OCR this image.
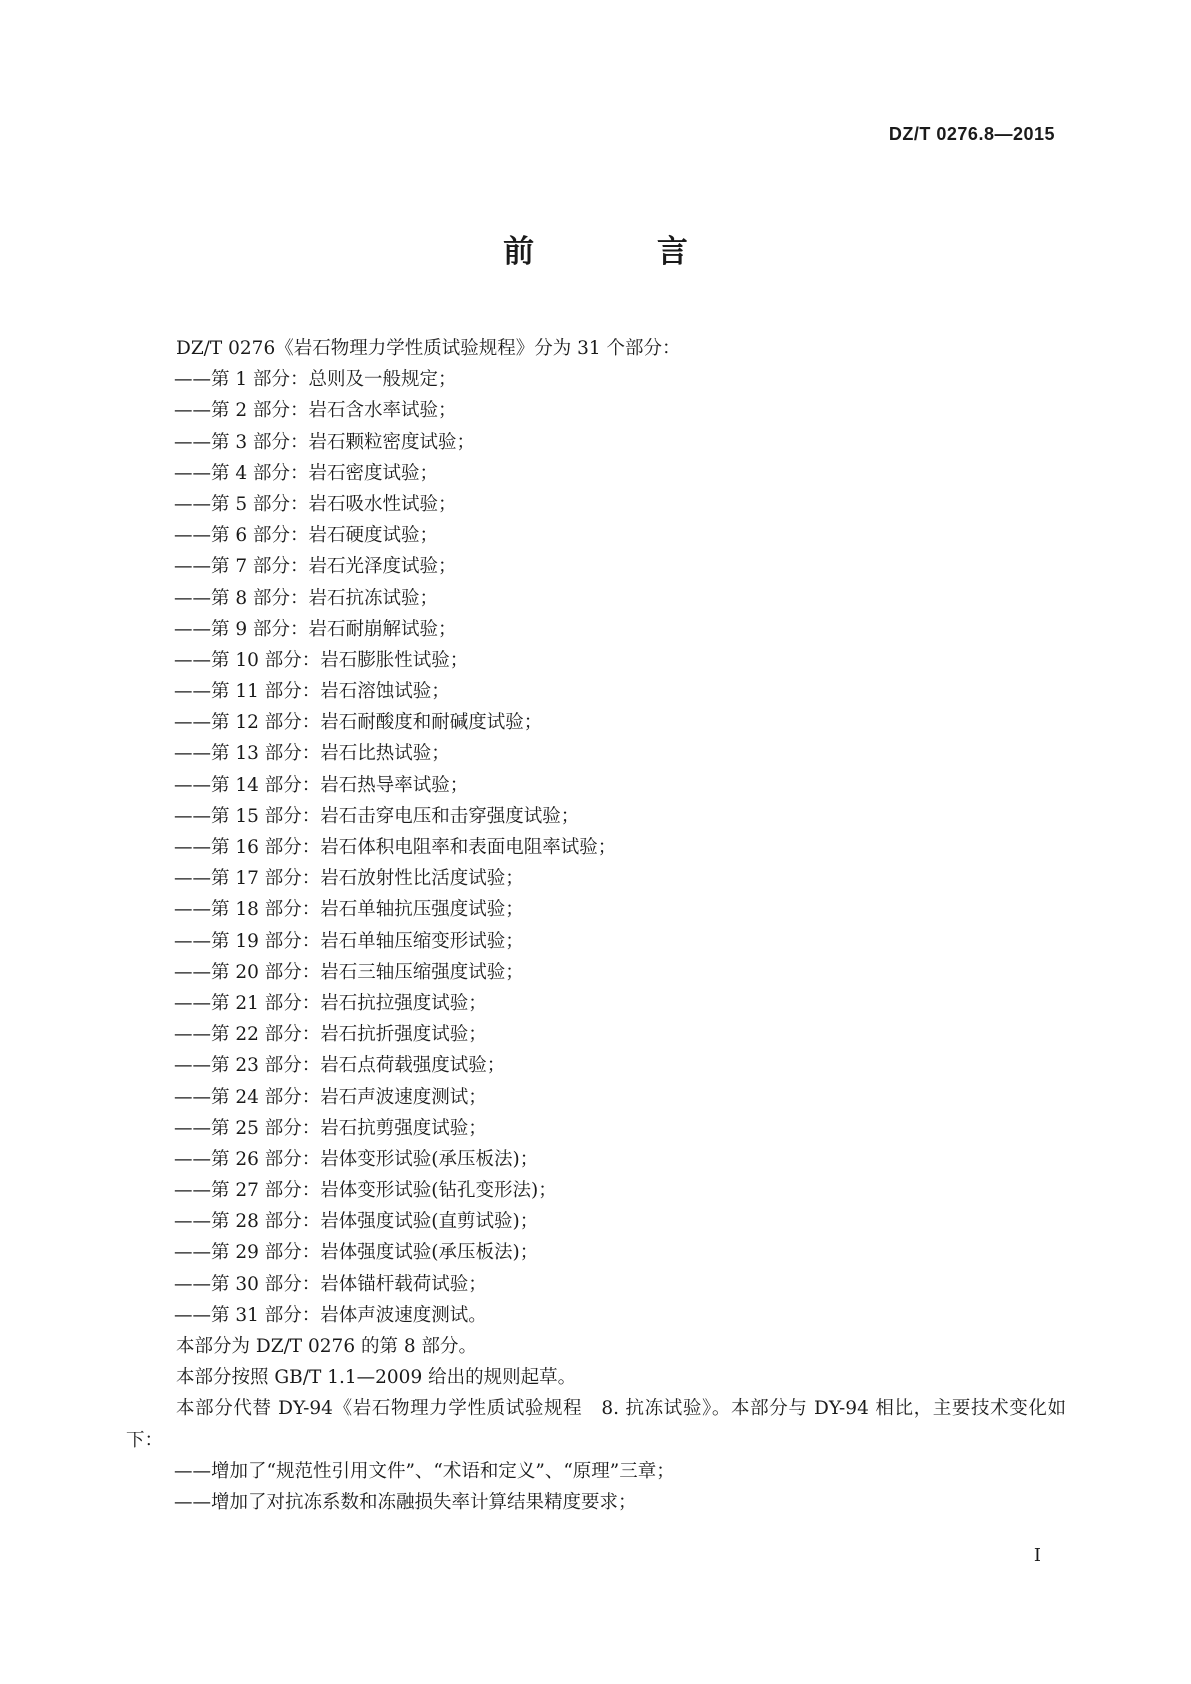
DZ/T 0276.8—2015
前 言
DZ/T 0276《岩石物理力学性质试验规程》分为 31 个部分：
——第 1 部分：总则及一般规定；
——第 2 部分：岩石含水率试验；
——第 3 部分：岩石颗粒密度试验；
——第 4 部分：岩石密度试验；
——第 5 部分：岩石吸水性试验；
——第 6 部分：岩石硬度试验；
——第 7 部分：岩石光泽度试验；
——第 8 部分：岩石抗冻试验；
——第 9 部分：岩石耐崩解试验；
——第 10 部分：岩石膨胀性试验；
——第 11 部分：岩石溶蚀试验；
——第 12 部分：岩石耐酸度和耐碱度试验；
——第 13 部分：岩石比热试验；
——第 14 部分：岩石热导率试验；
——第 15 部分：岩石击穿电压和击穿强度试验；
——第 16 部分：岩石体积电阻率和表面电阻率试验；
——第 17 部分：岩石放射性比活度试验；
——第 18 部分：岩石单轴抗压强度试验；
——第 19 部分：岩石单轴压缩变形试验；
——第 20 部分：岩石三轴压缩强度试验；
——第 21 部分：岩石抗拉强度试验；
——第 22 部分：岩石抗折强度试验；
——第 23 部分：岩石点荷载强度试验；
——第 24 部分：岩石声波速度测试；
——第 25 部分：岩石抗剪强度试验；
——第 26 部分：岩体变形试验(承压板法)；
——第 27 部分：岩体变形试验(钻孔变形法)；
——第 28 部分：岩体强度试验(直剪试验)；
——第 29 部分：岩体强度试验(承压板法)；
——第 30 部分：岩体锚杆载荷试验；
——第 31 部分：岩体声波速度测试。
本部分为 DZ/T 0276 的第 8 部分。
本部分按照 GB/T 1.1—2009 给出的规则起草。
本部分代替 DY-94《岩石物理力学性质试验规程　8. 抗冻试验》。本部分与 DY-94 相比，主要技术变化如下：
——增加了“规范性引用文件”、“术语和定义”、“原理”三章；
——增加了对抗冻系数和冻融损失率计算结果精度要求；
I
